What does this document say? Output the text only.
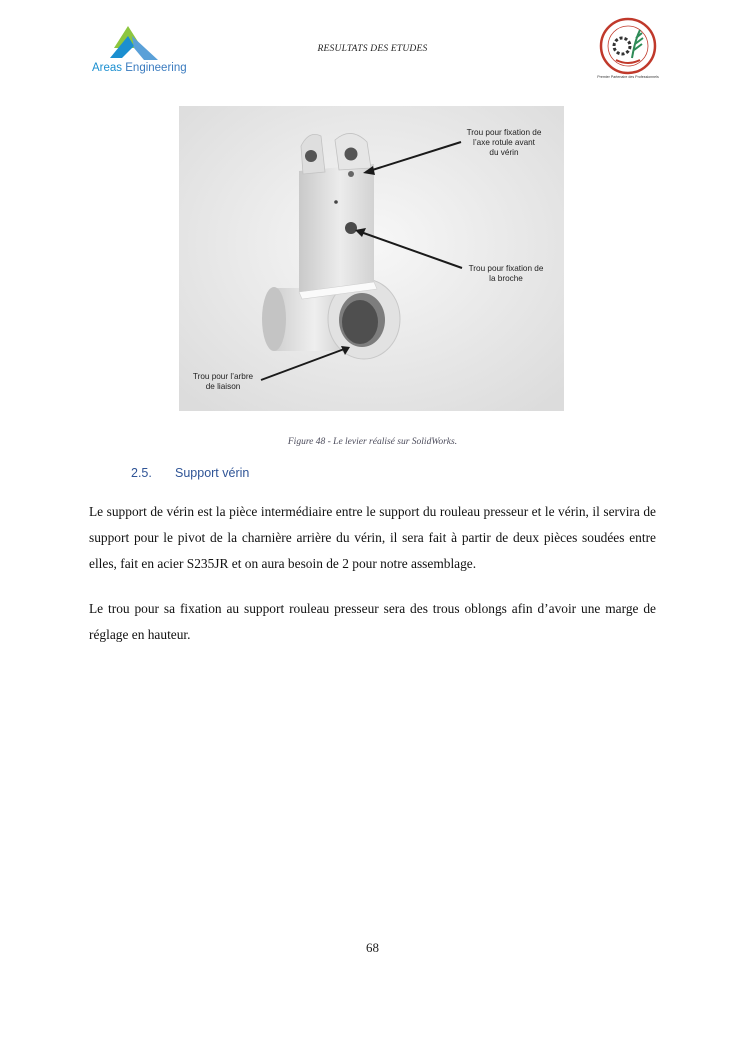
Areas Engineering
RESULTATS DES ETUDES
Premier Partenaire des Professionnels
Trou pour fixation de
l’axe rotule avant
du vérin
Trou pour fixation de
la broche
Trou pour l’arbre
de liaison
Figure 48 - Le levier réalisé sur SolidWorks.
2.5. Support vérin
Le support de vérin est la pièce intermédiaire entre le support du rouleau presseur et le vérin, il servira de support pour le pivot de la charnière arrière du vérin, il sera fait à partir de deux pièces soudées entre elles, fait en acier S235JR et on aura besoin de 2 pour notre assemblage.
Le trou pour sa fixation au support rouleau presseur sera des trous oblongs afin d’avoir une marge de réglage en hauteur.
68
